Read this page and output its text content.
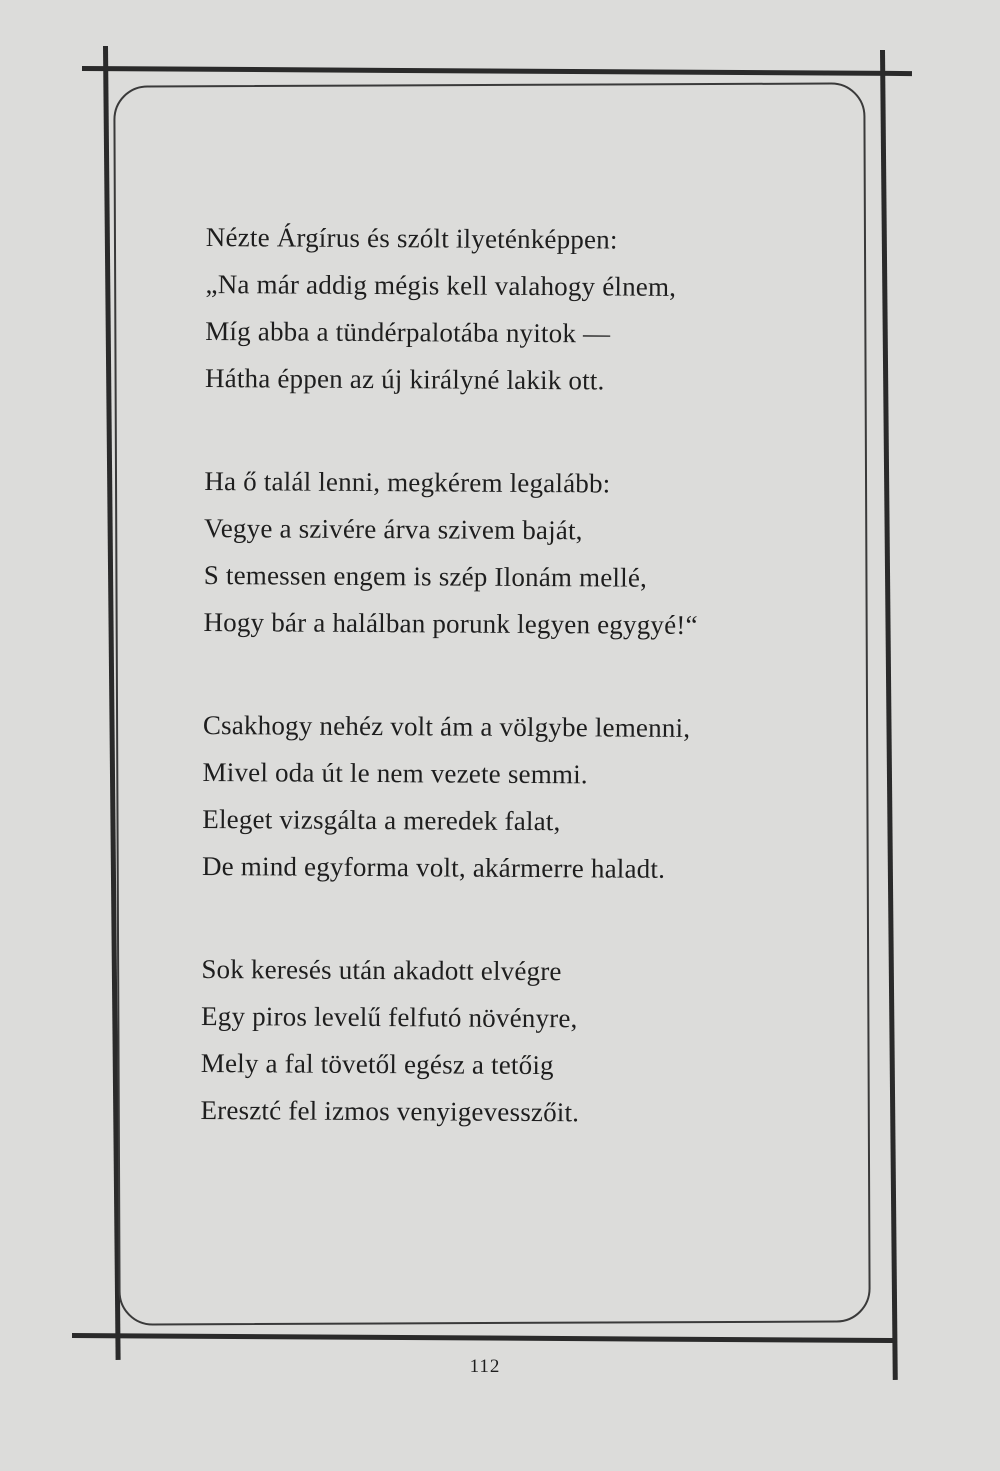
Nézte Árgírus és szólt ilyeténképpen:
„Na már addig mégis kell valahogy élnem,
Míg abba a tündérpalotába nyitok —
Hátha éppen az új királyné lakik ott.
Ha ő talál lenni, megkérem legalább:
Vegye a szivére árva szivem baját,
S temessen engem is szép Ilonám mellé,
Hogy bár a halálban porunk legyen egygyé!“
Csakhogy nehéz volt ám a völgybe lemenni,
Mivel oda út le nem vezete semmi.
Eleget vizsgálta a meredek falat,
De mind egyforma volt, akármerre haladt.
Sok keresés után akadott elvégre
Egy piros levelű felfutó növényre,
Mely a fal tövetől egész a tetőig
Eresztć fel izmos venyigevesszőit.
112
